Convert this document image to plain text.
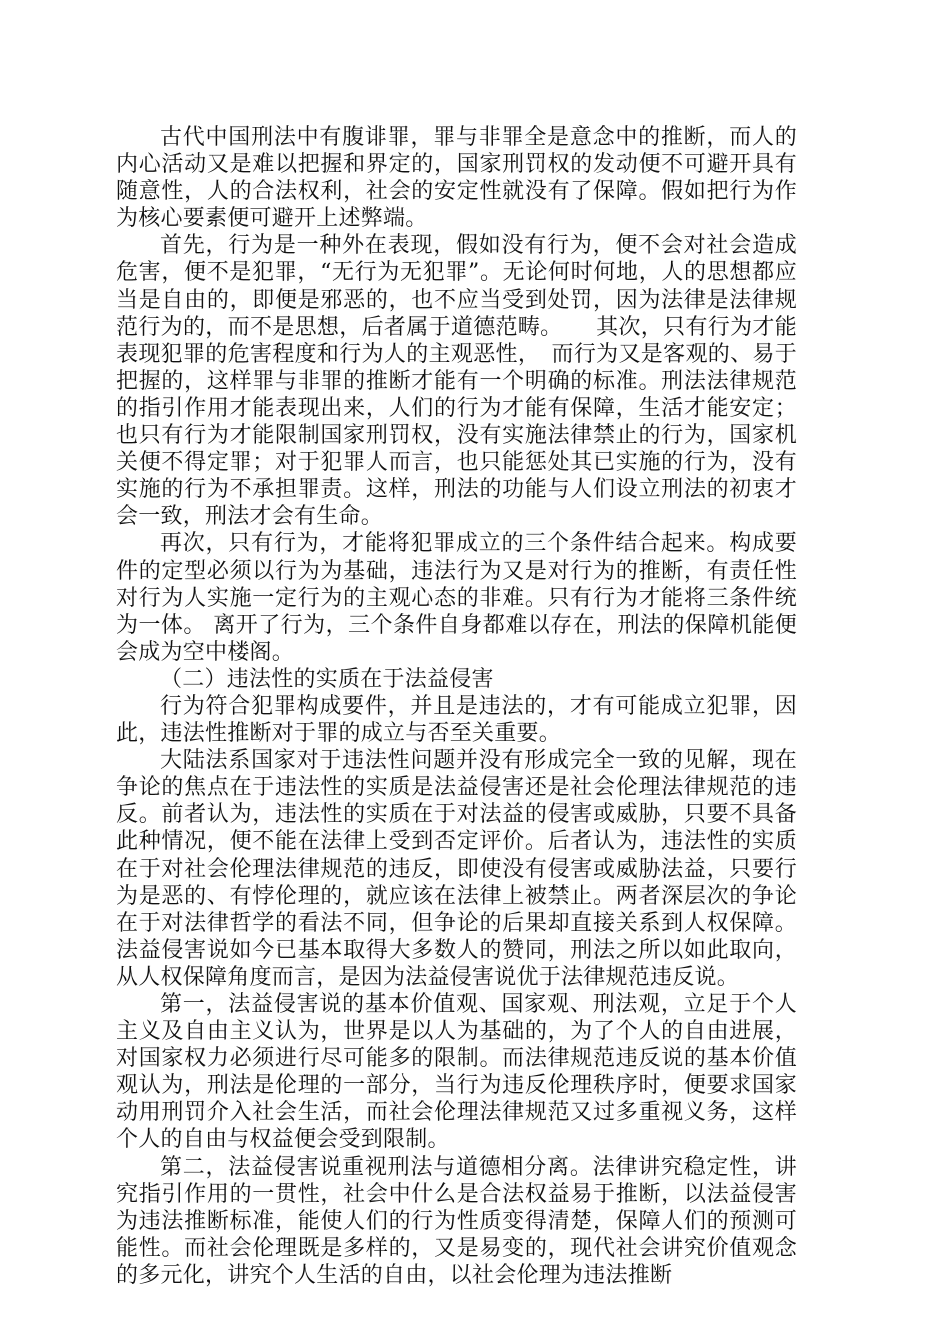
古代中国刑法中有腹诽罪，罪与非罪全是意念中的推断，而人的内心活动又是难以把握和界定的，国家刑罚权的发动便不可避开具有随意性，人的合法权利，社会的安定性就没有了保障。假如把行为作为核心要素便可避开上述弊端。

首先，行为是一种外在表现，假如没有行为，便不会对社会造成危害，便不是犯罪，“无行为无犯罪”。无论何时何地，人的思想都应当是自由的，即便是邪恶的，也不应当受到处罚，因为法律是法律规范行为的，而不是思想，后者属于道德范畴。　　其次，只有行为才能表现犯罪的危害程度和行为人的主观恶性，　而行为又是客观的、易于把握的，这样罪与非罪的推断才能有一个明确的标准。刑法法律规范的指引作用才能表现出来，人们的行为才能有保障，生活才能安定；也只有行为才能限制国家刑罚权，没有实施法律禁止的行为，国家机关便不得定罪；对于犯罪人而言，也只能惩处其已实施的行为，没有实施的行为不承担罪责。这样，刑法的功能与人们设立刑法的初衷才会一致，刑法才会有生命。

再次，只有行为，才能将犯罪成立的三个条件结合起来。构成要件的定型必须以行为为基础，违法行为又是对行为的推断，有责任性对行为人实施一定行为的主观心态的非难。只有行为才能将三条件统为一体。 离开了行为，三个条件自身都难以存在，刑法的保障机能便会成为空中楼阁。

（二）违法性的实质在于法益侵害

行为符合犯罪构成要件，并且是违法的，才有可能成立犯罪，因此，违法性推断对于罪的成立与否至关重要。

大陆法系国家对于违法性问题并没有形成完全一致的见解，现在争论的焦点在于违法性的实质是法益侵害还是社会伦理法律规范的违反。前者认为，违法性的实质在于对法益的侵害或威胁，只要不具备此种情况，便不能在法律上受到否定评价。后者认为，违法性的实质在于对社会伦理法律规范的违反，即使没有侵害或威胁法益，只要行为是恶的、有悖伦理的，就应该在法律上被禁止。两者深层次的争论在于对法律哲学的看法不同，但争论的后果却直接关系到人权保障。法益侵害说如今已基本取得大多数人的赞同，刑法之所以如此取向，从人权保障角度而言，是因为法益侵害说优于法律规范违反说。

第一，法益侵害说的基本价值观、国家观、刑法观，立足于个人主义及自由主义认为，世界是以人为基础的，为了个人的自由进展，对国家权力必须进行尽可能多的限制。而法律规范违反说的基本价值观认为，刑法是伦理的一部分，当行为违反伦理秩序时，便要求国家动用刑罚介入社会生活，而社会伦理法律规范又过多重视义务，这样个人的自由与权益便会受到限制。

第二，法益侵害说重视刑法与道德相分离。法律讲究稳定性，讲究指引作用的一贯性，社会中什么是合法权益易于推断，以法益侵害为违法推断标准，能使人们的行为性质变得清楚，保障人们的预测可能性。而社会伦理既是多样的，又是易变的，现代社会讲究价值观念的多元化，讲究个人生活的自由，以社会伦理为违法推断
